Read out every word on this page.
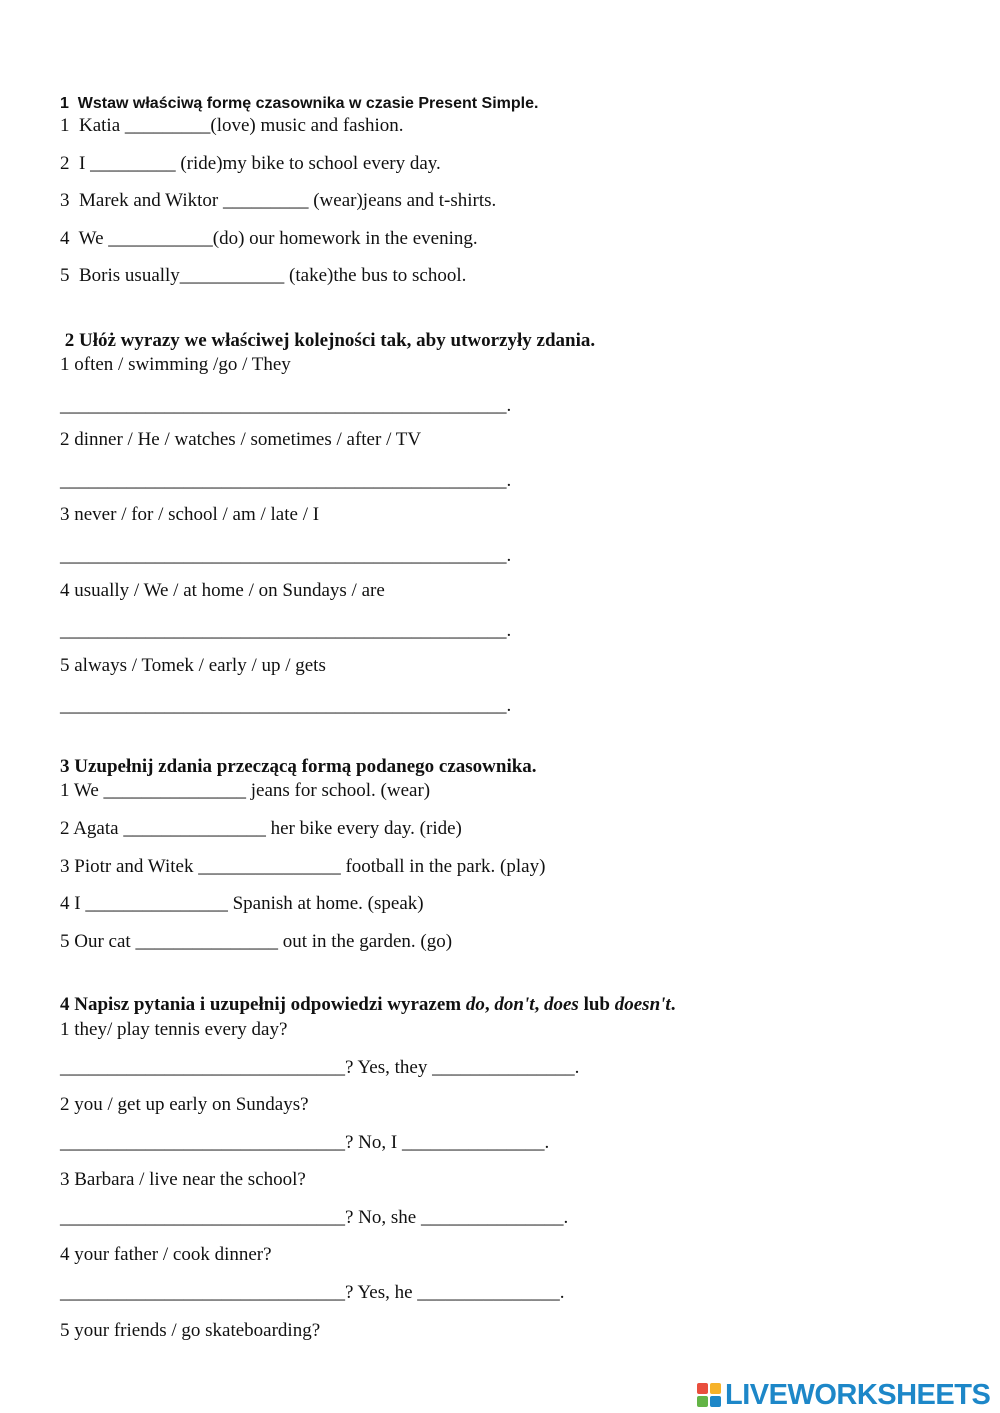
1  Wstaw właściwą formę czasownika w czasie Present Simple.
1  Katia _________(love) music and fashion.
2  I _________ (ride)my bike to school every day.
3  Marek and Wiktor _________ (wear)jeans and t-shirts.
4  We ___________(do) our homework in the evening.
5  Boris usually___________ (take)the bus to school.
2 Ułóż wyrazy we właściwej kolejności tak, aby utworzyły zdania.
1 often / swimming /go / They
_______________________________________________.
2 dinner / He / watches / sometimes / after / TV
_______________________________________________.
3 never / for / school / am / late / I
_______________________________________________.
4 usually / We / at home / on Sundays / are
_______________________________________________.
5 always / Tomek / early / up / gets
_______________________________________________.
3 Uzupełnij zdania przeczącą formą podanego czasownika.
1 We _______________ jeans for school. (wear)
2 Agata _______________ her bike every day. (ride)
3 Piotr and Witek _______________ football in the park. (play)
4 I _______________ Spanish at home. (speak)
5 Our cat _______________ out in the garden. (go)
4 Napisz pytania i uzupełnij odpowiedzi wyrazem do, don't, does lub doesn't.
1 they/ play tennis every day?
______________________________? Yes, they _______________.
2 you / get up early on Sundays?
______________________________? No, I _______________.
3 Barbara / live near the school?
______________________________? No, she _______________.
4 your father / cook dinner?
______________________________? Yes, he _______________.
5 your friends / go skateboarding?
LIVEWORKSHEETS
